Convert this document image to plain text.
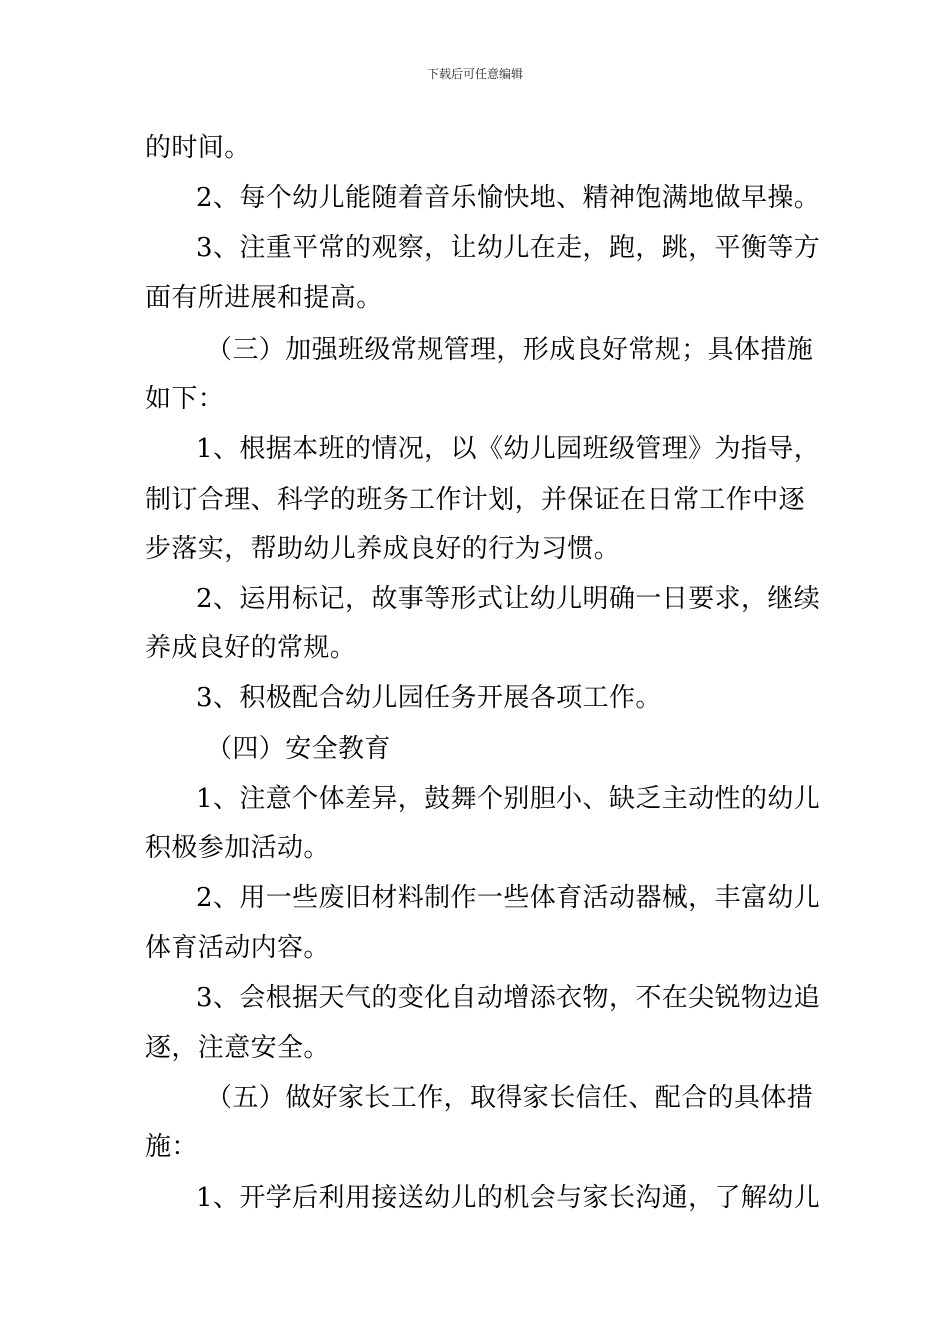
下载后可任意编辑
的时间。
2、每个幼儿能随着音乐愉快地、精神饱满地做早操。
3、注重平常的观察，让幼儿在走，跑，跳，平衡等方
面有所进展和提高。
（三）加强班级常规管理，形成良好常规；具体措施
如下：
1、根据本班的情况，以《幼儿园班级管理》为指导，
制订合理、科学的班务工作计划，并保证在日常工作中逐
步落实，帮助幼儿养成良好的行为习惯。
2、运用标记，故事等形式让幼儿明确一日要求，继续
养成良好的常规。
3、积极配合幼儿园任务开展各项工作。
（四）安全教育
1、注意个体差异，鼓舞个别胆小、缺乏主动性的幼儿
积极参加活动。
2、用一些废旧材料制作一些体育活动器械，丰富幼儿
体育活动内容。
3、会根据天气的变化自动增添衣物，不在尖锐物边追
逐，注意安全。
（五）做好家长工作，取得家长信任、配合的具体措
施：
1、开学后利用接送幼儿的机会与家长沟通，了解幼儿
